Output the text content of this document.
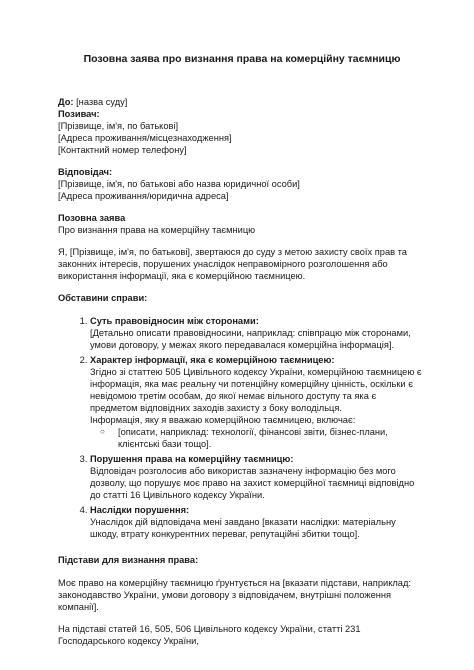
Позовна заява про визнання права на комерційну таємницю

До: [назва суду]

Позивач:

[Прізвище, ім'я, по батькові]

[Адреса проживання/місцезнаходження]

[Контактний номер телефону]

Відповідач:

[Прізвище, ім'я, по батькові або назва юридичної особи]

[Адреса проживання/юридична адреса]

Позовна заява

Про визнання права на комерційну таємницю

Я, [Прізвище, ім'я, по батькові], звертаюся до суду з метою захисту своїх прав та законних інтересів, порушених унаслідок неправомірного розголошення або використання інформації, яка є комерційною таємницею.

Обставини справи:

1. Суть правовідносин між сторонами:
[Детально описати правовідносини, наприклад: співпрацю між сторонами, умови договору, у межах якого передавалася комерційна інформація].
2. Характер інформації, яка є комерційною таємницею:
Згідно зі статтею 505 Цивільного кодексу України, комерційною таємницею є інформація, яка має реальну чи потенційну комерційну цінність, оскільки є невідомою третім особам, до якої немає вільного доступу та яка є предметом відповідних заходів захисту з боку володільця.
Інформація, яку я вважаю комерційною таємницею, включає:
○ [описати, наприклад: технології, фінансові звіти, бізнес-плани, клієнтські бази тощо].
3. Порушення права на комерційну таємницю:
Відповідач розголосив або використав зазначену інформацію без мого дозволу, що порушує моє право на захист комерційної таємниці відповідно до статті 16 Цивільного кодексу України.
4. Наслідки порушення:
Унаслідок дій відповідача мені завдано [вказати наслідки: матеріальну шкоду, втрату конкурентних переваг, репутаційні збитки тощо].

Підстави для визнання права:

Моє право на комерційну таємницю ґрунтується на [вказати підстави, наприклад: законодавство України, умови договору з відповідачем, внутрішні положення компанії].

На підставі статей 16, 505, 506 Цивільного кодексу України, статті 231 Господарського кодексу України,
